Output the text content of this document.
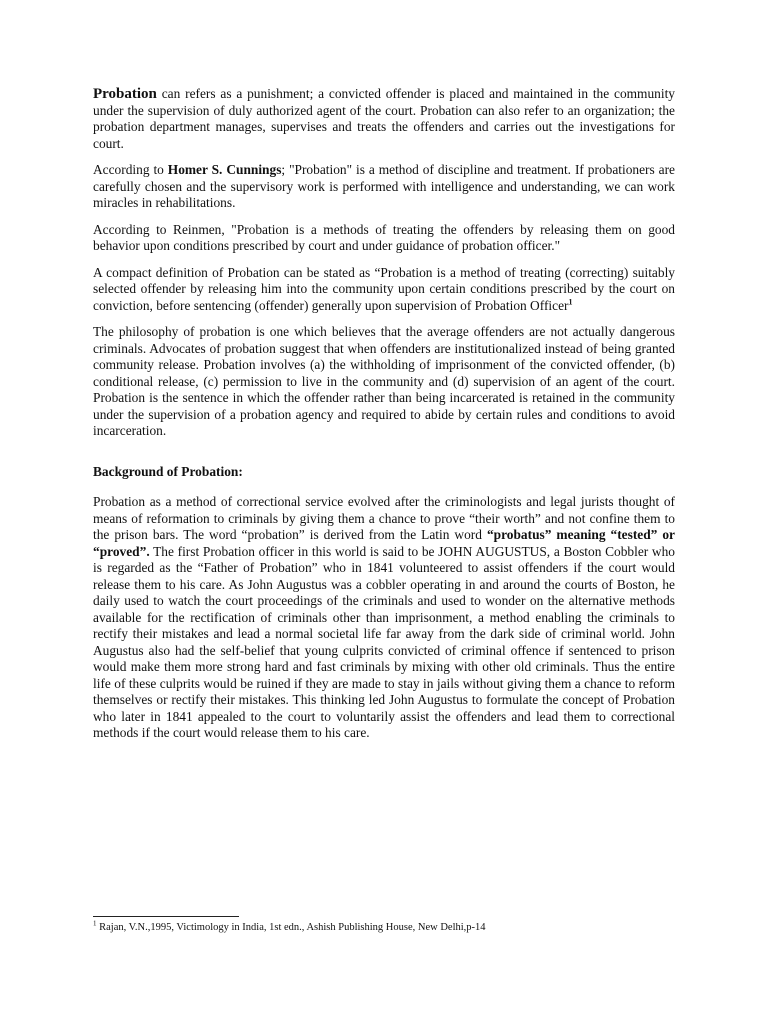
Probation can refers as a punishment; a convicted offender is placed and maintained in the community under the supervision of duly authorized agent of the court. Probation can also refer to an organization; the probation department manages, supervises and treats the offenders and carries out the investigations for court.

According to Homer S. Cunnings; "Probation" is a method of discipline and treatment. If probationers are carefully chosen and the supervisory work is performed with intelligence and understanding, we can work miracles in rehabilitations.

According to Reinmen, "Probation is a methods of treating the offenders by releasing them on good behavior upon conditions prescribed by court and under guidance of probation officer."

A compact definition of Probation can be stated as “Probation is a method of treating (correcting) suitably selected offender by releasing him into the community upon certain conditions prescribed by the court on conviction, before sentencing (offender) generally upon supervision of Probation Officer$^1$

The philosophy of probation is one which believes that the average offenders are not actually dangerous criminals. Advocates of probation suggest that when offenders are institutionalized instead of being granted community release. Probation involves (a) the withholding of imprisonment of the convicted offender, (b) conditional release, (c) permission to live in the community and (d) supervision of an agent of the court. Probation is the sentence in which the offender rather than being incarcerated is retained in the community under the supervision of a probation agency and required to abide by certain rules and conditions to avoid incarceration.

Background of Probation:

Probation as a method of correctional service evolved after the criminologists and legal jurists thought of means of reformation to criminals by giving them a chance to prove “their worth” and not confine them to the prison bars. The word “probation” is derived from the Latin word “probatus” meaning “tested” or “proved”. The first Probation officer in this world is said to be JOHN AUGUSTUS, a Boston Cobbler who is regarded as the “Father of Probation” who in 1841 volunteered to assist offenders if the court would release them to his care. As John Augustus was a cobbler operating in and around the courts of Boston, he daily used to watch the court proceedings of the criminals and used to wonder on the alternative methods available for the rectification of criminals other than imprisonment, a method enabling the criminals to rectify their mistakes and lead a normal societal life far away from the dark side of criminal world. John Augustus also had the self-belief that young culprits convicted of criminal offence if sentenced to prison would make them more strong hard and fast criminals by mixing with other old criminals. Thus the entire life of these culprits would be ruined if they are made to stay in jails without giving them a chance to reform themselves or rectify their mistakes. This thinking led John Augustus to formulate the concept of Probation who later in 1841 appealed to the court to voluntarily assist the offenders and lead them to correctional methods if the court would release them to his care.

$^1$ Rajan, V.N.,1995, Victimology in India, 1st edn., Ashish Publishing House, New Delhi,p-14
